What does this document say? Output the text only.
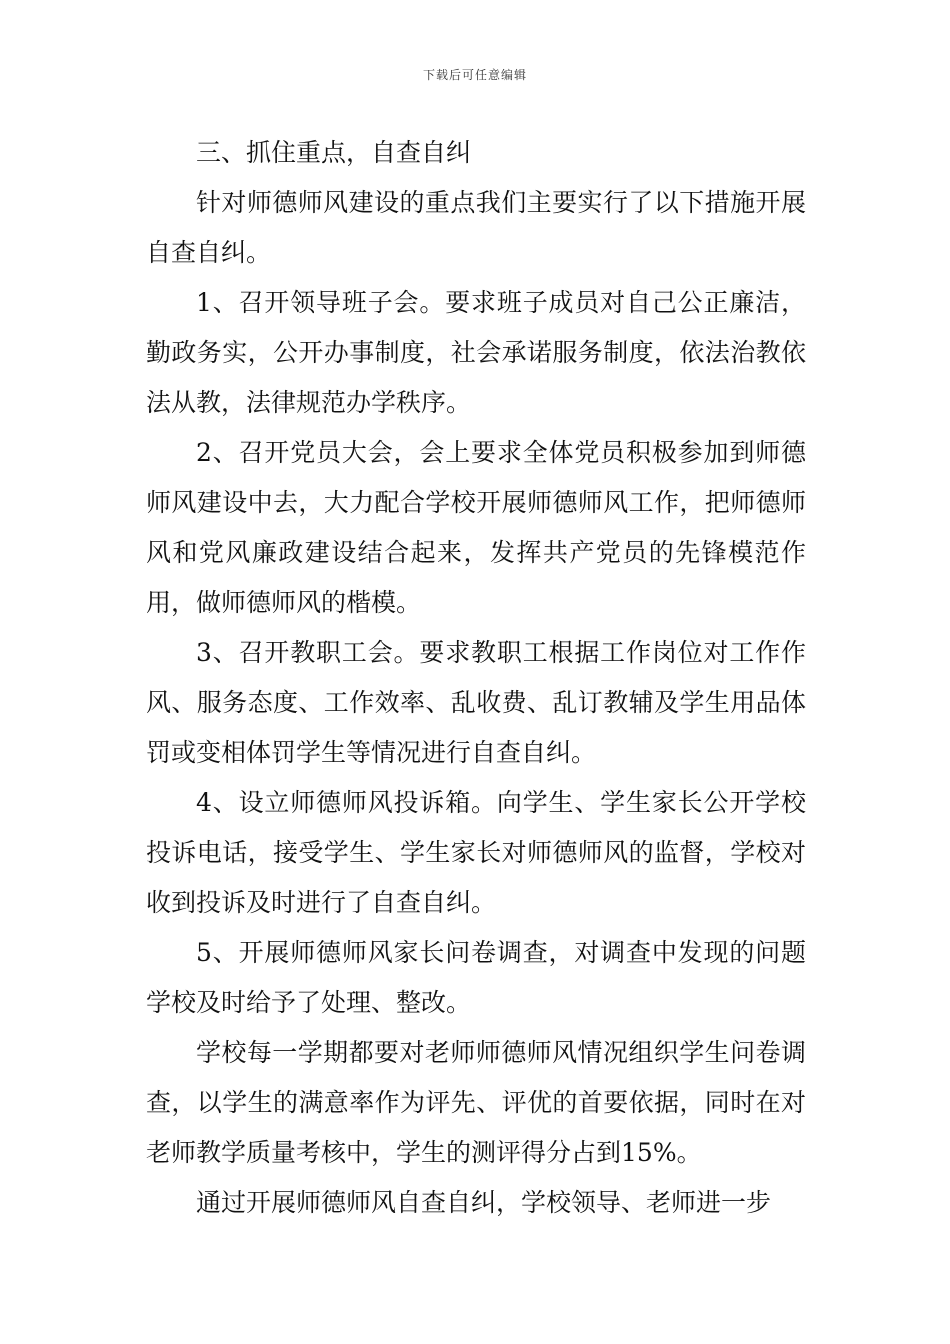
下载后可任意编辑

三、抓住重点，自查自纠

针对师德师风建设的重点我们主要实行了以下措施开展自查自纠。

1、召开领导班子会。要求班子成员对自己公正廉洁，勤政务实，公开办事制度，社会承诺服务制度，依法治教依法从教，法律规范办学秩序。

2、召开党员大会，会上要求全体党员积极参加到师德师风建设中去，大力配合学校开展师德师风工作，把师德师风和党风廉政建设结合起来，发挥共产党员的先锋模范作用，做师德师风的楷模。

3、召开教职工会。要求教职工根据工作岗位对工作作风、服务态度、工作效率、乱收费、乱订教辅及学生用品体罚或变相体罚学生等情况进行自查自纠。

4、设立师德师风投诉箱。向学生、学生家长公开学校投诉电话，接受学生、学生家长对师德师风的监督，学校对收到投诉及时进行了自查自纠。

5、开展师德师风家长问卷调查，对调查中发现的问题学校及时给予了处理、整改。

学校每一学期都要对老师师德师风情况组织学生问卷调查，以学生的满意率作为评先、评优的首要依据，同时在对老师教学质量考核中，学生的测评得分占到15%。

通过开展师德师风自查自纠，学校领导、老师进一步
